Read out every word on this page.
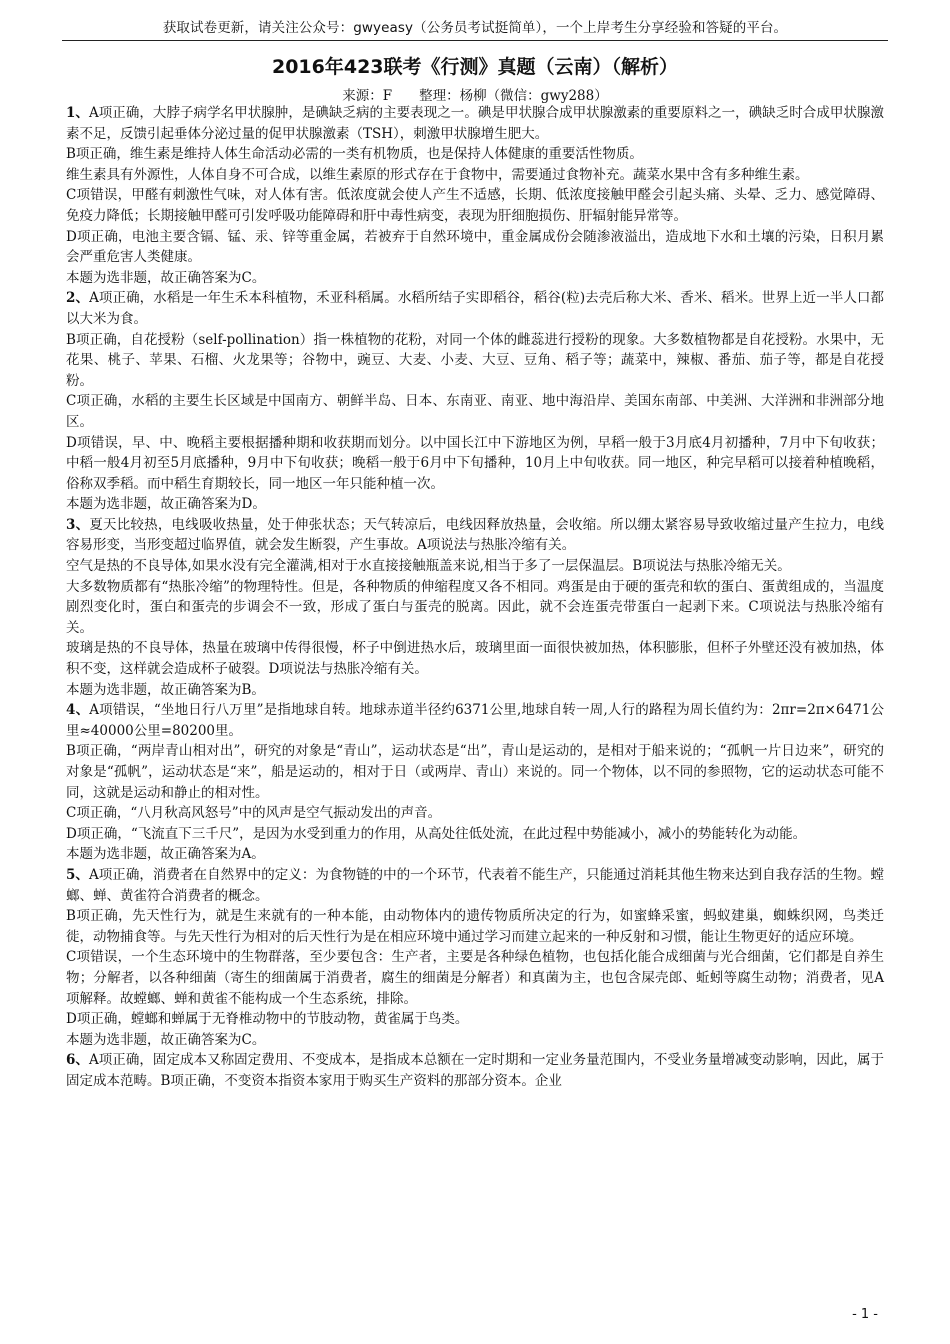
获取试卷更新，请关注公众号：gwyeasy（公务员考试挺简单），一个上岸考生分享经验和答疑的平台。
2016年423联考《行测》真题（云南）（解析）
来源：F　　整理：杨柳（微信：gwy288）

1、A项正确，大脖子病学名甲状腺肿，是碘缺乏病的主要表现之一。碘是甲状腺合成甲状腺激素的重要原料之一，碘缺乏时合成甲状腺激素不足，反馈引起垂体分泌过量的促甲状腺激素（TSH），刺激甲状腺增生肥大。

B项正确，维生素是维持人体生命活动必需的一类有机物质，也是保持人体健康的重要活性物质。

维生素具有外源性，人体自身不可合成，以维生素原的形式存在于食物中，需要通过食物补充。蔬菜水果中含有多种维生素。

C项错误，甲醛有刺激性气味，对人体有害。低浓度就会使人产生不适感，长期、低浓度接触甲醛会引起头痛、头晕、乏力、感觉障碍、免疫力降低；长期接触甲醛可引发呼吸功能障碍和肝中毒性病变，表现为肝细胞损伤、肝辐射能异常等。

D项正确，电池主要含镉、锰、汞、锌等重金属，若被弃于自然环境中，重金属成份会随渗液溢出，造成地下水和土壤的污染，日积月累会严重危害人类健康。

本题为选非题，故正确答案为C。

2、A项正确，水稻是一年生禾本科植物，禾亚科稻属。水稻所结子实即稻谷，稻谷(粒)去壳后称大米、香米、稻米。世界上近一半人口都以大米为食。

B项正确，自花授粉（self-pollination）指一株植物的花粉，对同一个体的雌蕊进行授粉的现象。大多数植物都是自花授粉。水果中，无花果、桃子、苹果、石榴、火龙果等；谷物中，豌豆、大麦、小麦、大豆、豆角、稻子等；蔬菜中，辣椒、番茄、茄子等，都是自花授粉。

C项正确，水稻的主要生长区域是中国南方、朝鲜半岛、日本、东南亚、南亚、地中海沿岸、美国东南部、中美洲、大洋洲和非洲部分地区。

D项错误，早、中、晚稻主要根据播种期和收获期而划分。以中国长江中下游地区为例，早稻一般于3月底4月初播种，7月中下旬收获；中稻一般4月初至5月底播种，9月中下旬收获；晚稻一般于6月中下旬播种，10月上中旬收获。同一地区，种完早稻可以接着种植晚稻，俗称双季稻。而中稻生育期较长，同一地区一年只能种植一次。

本题为选非题，故正确答案为D。

3、夏天比较热，电线吸收热量，处于伸张状态；天气转凉后，电线因释放热量，会收缩。所以绷太紧容易导致收缩过量产生拉力，电线容易形变，当形变超过临界值，就会发生断裂，产生事故。A项说法与热胀冷缩有关。

空气是热的不良导体,如果水没有完全灌满,相对于水直接接触瓶盖来说,相当于多了一层保温层。B项说法与热胀冷缩无关。

大多数物质都有“热胀冷缩”的物理特性。但是，各种物质的伸缩程度又各不相同。鸡蛋是由于硬的蛋壳和软的蛋白、蛋黄组成的，当温度剧烈变化时，蛋白和蛋壳的步调会不一致，形成了蛋白与蛋壳的脱离。因此，就不会连蛋壳带蛋白一起剥下来。C项说法与热胀冷缩有关。

玻璃是热的不良导体，热量在玻璃中传得很慢，杯子中倒进热水后，玻璃里面一面很快被加热，体积膨胀，但杯子外壁还没有被加热，体积不变，这样就会造成杯子破裂。D项说法与热胀冷缩有关。

本题为选非题，故正确答案为B。

4、A项错误，“坐地日行八万里”是指地球自转。地球赤道半径约6371公里,地球自转一周,人行的路程为周长值约为：2πr=2π×6471公里≈40000公里=80200里。

B项正确，“两岸青山相对出”，研究的对象是“青山”，运动状态是“出”，青山是运动的，是相对于船来说的；“孤帆一片日边来”，研究的对象是“孤帆”，运动状态是“来”，船是运动的，相对于日（或两岸、青山）来说的。同一个物体，以不同的参照物，它的运动状态可能不同，这就是运动和静止的相对性。

C项正确，“八月秋高风怒号”中的风声是空气振动发出的声音。

D项正确，“飞流直下三千尺”，是因为水受到重力的作用，从高处往低处流，在此过程中势能减小，减小的势能转化为动能。

本题为选非题，故正确答案为A。

5、A项正确，消费者在自然界中的定义：为食物链的中的一个环节，代表着不能生产，只能通过消耗其他生物来达到自我存活的生物。螳螂、蝉、黄雀符合消费者的概念。

B项正确，先天性行为，就是生来就有的一种本能，由动物体内的遗传物质所决定的行为，如蜜蜂采蜜，蚂蚁建巢，蜘蛛织网，鸟类迁徙，动物捕食等。与先天性行为相对的后天性行为是在相应环境中通过学习而建立起来的一种反射和习惯，能让生物更好的适应环境。

C项错误，一个生态环境中的生物群落，至少要包含：生产者，主要是各种绿色植物，也包括化能合成细菌与光合细菌，它们都是自养生物；分解者，以各种细菌（寄生的细菌属于消费者，腐生的细菌是分解者）和真菌为主，也包含屎壳郎、蚯蚓等腐生动物；消费者，见A项解释。故螳螂、蝉和黄雀不能构成一个生态系统，排除。

D项正确，螳螂和蝉属于无脊椎动物中的节肢动物，黄雀属于鸟类。

本题为选非题，故正确答案为C。

6、A项正确，固定成本又称固定费用、不变成本，是指成本总额在一定时期和一定业务量范围内，不受业务量增减变动影响，因此，属于固定成本范畴。B项正确，不变资本指资本家用于购买生产资料的那部分资本。企业

- 1 -
